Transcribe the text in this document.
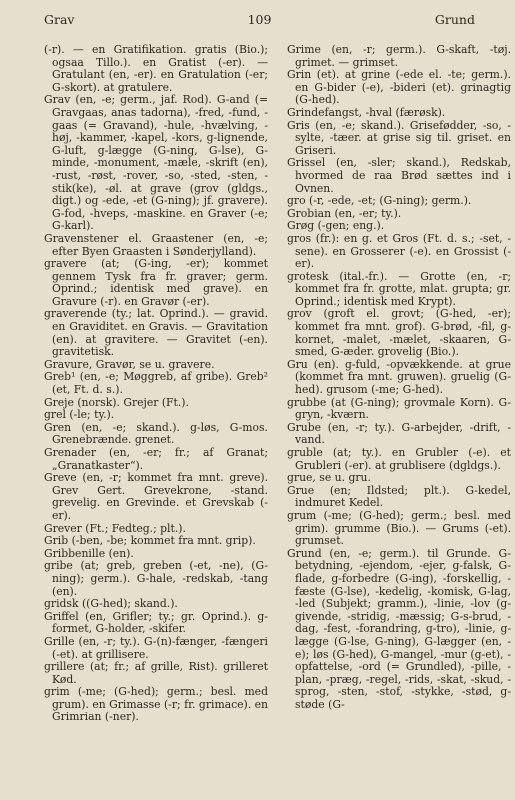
Grav	109	Grund

(-r). — en Gratifikation. gratis (Bio.); ogsaa Tillo.). en Gratist (-er). — Gratulant (en, -er). en Gratulation (-er; G-skort). at gratulere.

Grav (en, -e; germ., jaf. Rod). G-and (= Gravgaas, anas tadorna), -fred, -fund, -gaas (= Gravand), -hule, -hvælving, -høj, -kammer, -kapel, -kors, g-lignende, G-luft, g-lægge (G-ning, G-lse), G-minde, -monument, -mæle, -skrift (en), -rust, -røst, -rover, -so, -sted, -sten, -stik(ke), -øl. at grave (grov (gldgs., digt.) og -ede, -et (G-ning); jf. gravere). G-fod, -hveps, -maskine. en Graver (-e; G-karl).

Gravenstener el. Graastener (en, -e; efter Byen Graasten i Sønderjylland).

gravere (at; (G-ing, -er); kommet gennem Tysk fra fr. graver; germ. Oprind.; identisk med grave). en Gravure (-r). en Gravør (-er).

graverende (ty.; lat. Oprind.). — gravid. en Graviditet. en Gravis. — Gravitation (en). at gravitere. — Gravitet (-en). gravitetisk.

Gravure, Gravør, se u. gravere.

Greb¹ (en, -e; Møggreb, af gribe). Greb² (et, Ft. d. s.).

Greje (norsk). Grejer (Ft.).

grel (-le; ty.).

Gren (en, -e; skand.). g-løs, G-mos. Grenebrænde. grenet.

Grenader (en, -er; fr.; af Granat; „Granatkaster“).

Greve (en, -r; kommet fra mnt. greve). Grev Gert. Grevekrone, -stand. grevelig. en Grevinde. et Grevskab (-er).

Grever (Ft.; Fedteg.; plt.).

Grib (-ben, -be; kommet fra mnt. grip).

Gribbenille (en).

gribe (at; greb, greben (-et, -ne), (G-ning); germ.). G-hale, -redskab, -tang (en).

gridsk ((G-hed); skand.).

Griffel (en, Grifler; ty.; gr. Oprind.). g-formet, G-holder, -skifer.

Grille (en, -r; ty.). G-(n)-fænger, -fængeri (-et). at grillisere.

grillere (at; fr.; af grille, Rist). grilleret Kød.

grim (-me; (G-hed); germ.; besl. med grum). en Grimasse (-r; fr. grimace). en Grimrian (-ner).

Grime (en, -r; germ.). G-skaft, -tøj. grimet. — grimset.

Grin (et). at grine (-ede el. -te; germ.). en G-bider (-e), -bideri (et). grinagtig (G-hed).

Grindefangst, -hval (færøsk).

Gris (en, -e; skand.). Grisefødder, -so, -sylte, -tæer. at grise sig til. griset. en Griseri.

Grissel (en, -sler; skand.), Redskab, hvormed de raa Brød sættes ind i Ovnen.

gro (-r, -ede, -et; (G-ning); germ.).

Grobian (en, -er; ty.).

Grøg (-gen; eng.).

gros (fr.): en g. et Gros (Ft. d. s.; -set, -sene). en Grosserer (-e). en Grossist (-er).

grotesk (ital.-fr.). — Grotte (en, -r; kommet fra fr. grotte, mlat. grupta; gr. Oprind.; identisk med Krypt).

grov (groft el. grovt; (G-hed, -er); kommet fra mnt. grof). G-brød, -fil, g-kornet, -malet, -mælet, -skaaren, G-smed, G-æder. grovelig (Bio.).

Gru (en). g-fuld, -opvækkende. at grue (kommet fra mnt. gruwen). gruelig (G-hed). grusom (-me; G-hed).

grubbe (at (G-ning); grovmale Korn). G-gryn, -kværn.

Grube (en, -r; ty.). G-arbejder, -drift, -vand.

gruble (at; ty.). en Grubler (-e). et Grubleri (-er). at grublisere (dgldgs.).

grue, se u. gru.

Grue (en; Ildsted; plt.). G-kedel, indmuret Kedel.

grum (-me; (G-hed); germ.; besl. med grim). grumme (Bio.). — Grums (-et). grumset.

Grund (en, -e; germ.). til Grunde. G-betydning, -ejendom, -ejer, g-falsk, G-flade, g-forbedre (G-ing), -forskellig, -fæste (G-lse), -kedelig, -komisk, G-lag, -led (Subjekt; gramm.), -linie, -lov (g-givende, -stridig, -mæssig; G-s-brud, -dag, -fest, -forandring, g-tro), -linie, g-lægge (G-lse, G-ning), G-lægger (en, -e); løs (G-hed), G-mangel, -mur (g-et), -opfattelse, -ord (= Grundled), -pille, -plan, -præg, -regel, -rids, -skat, -skud, -sprog, -sten, -stof, -stykke, -stød, g-støde (G-
